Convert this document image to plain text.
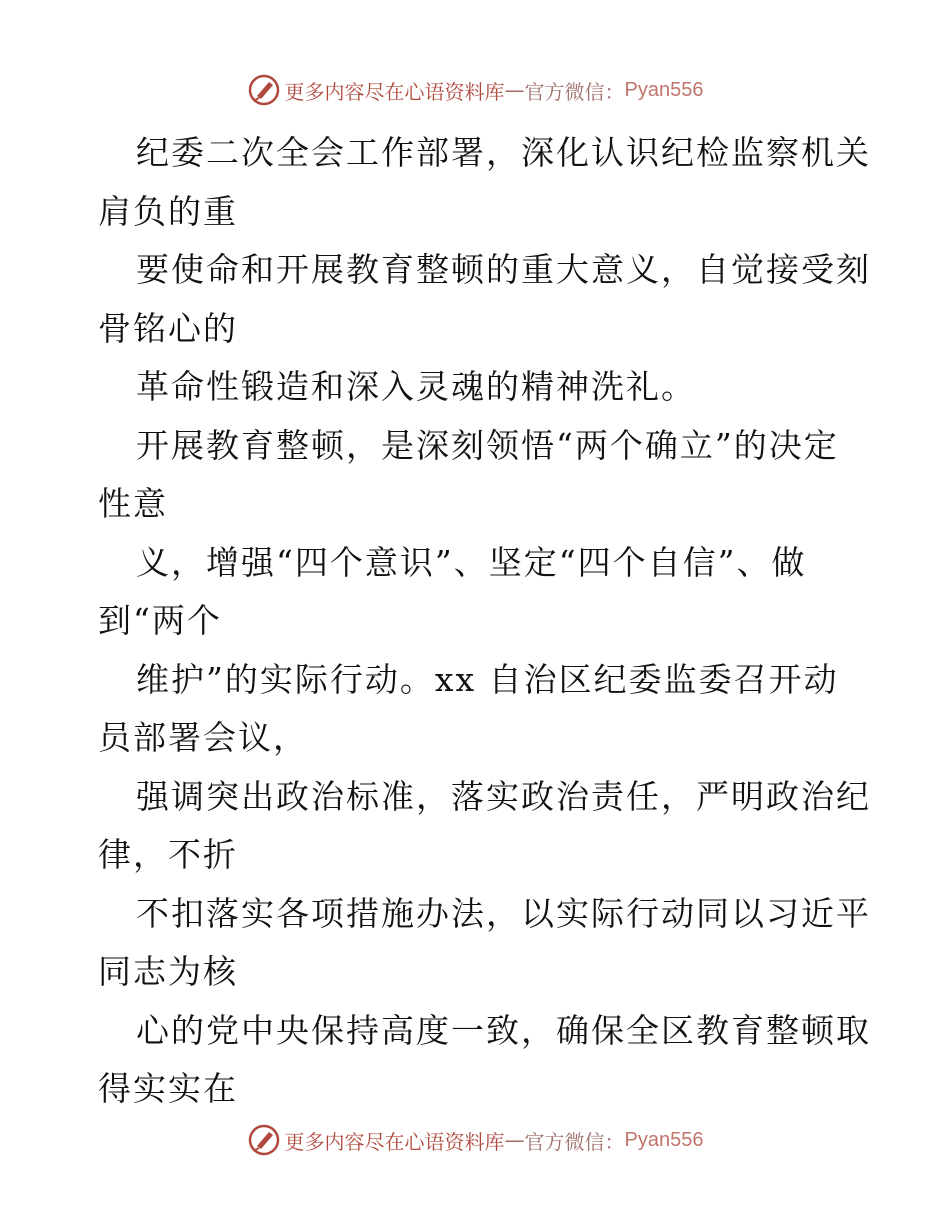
更多内容尽在心语资料库 — 官方微信： Pyan556
纪委二次全会工作部署，深化认识纪检监察机关
肩负的重
要使命和开展教育整顿的重大意义，自觉接受刻
骨铭心的
革命性锻造和深入灵魂的精神洗礼。
开展教育整顿，是深刻领悟“两个确立”的决定
性意
义，增强“四个意识”、坚定“四个自信”、做
到“两个
维护”的实际行动。xx 自治区纪委监委召开动
员部署会议，
强调突出政治标准，落实政治责任，严明政治纪
律，不折
不扣落实各项措施办法，以实际行动同以习近平
同志为核
心的党中央保持高度一致，确保全区教育整顿取
得实实在
更多内容尽在心语资料库 — 官方微信： Pyan556
